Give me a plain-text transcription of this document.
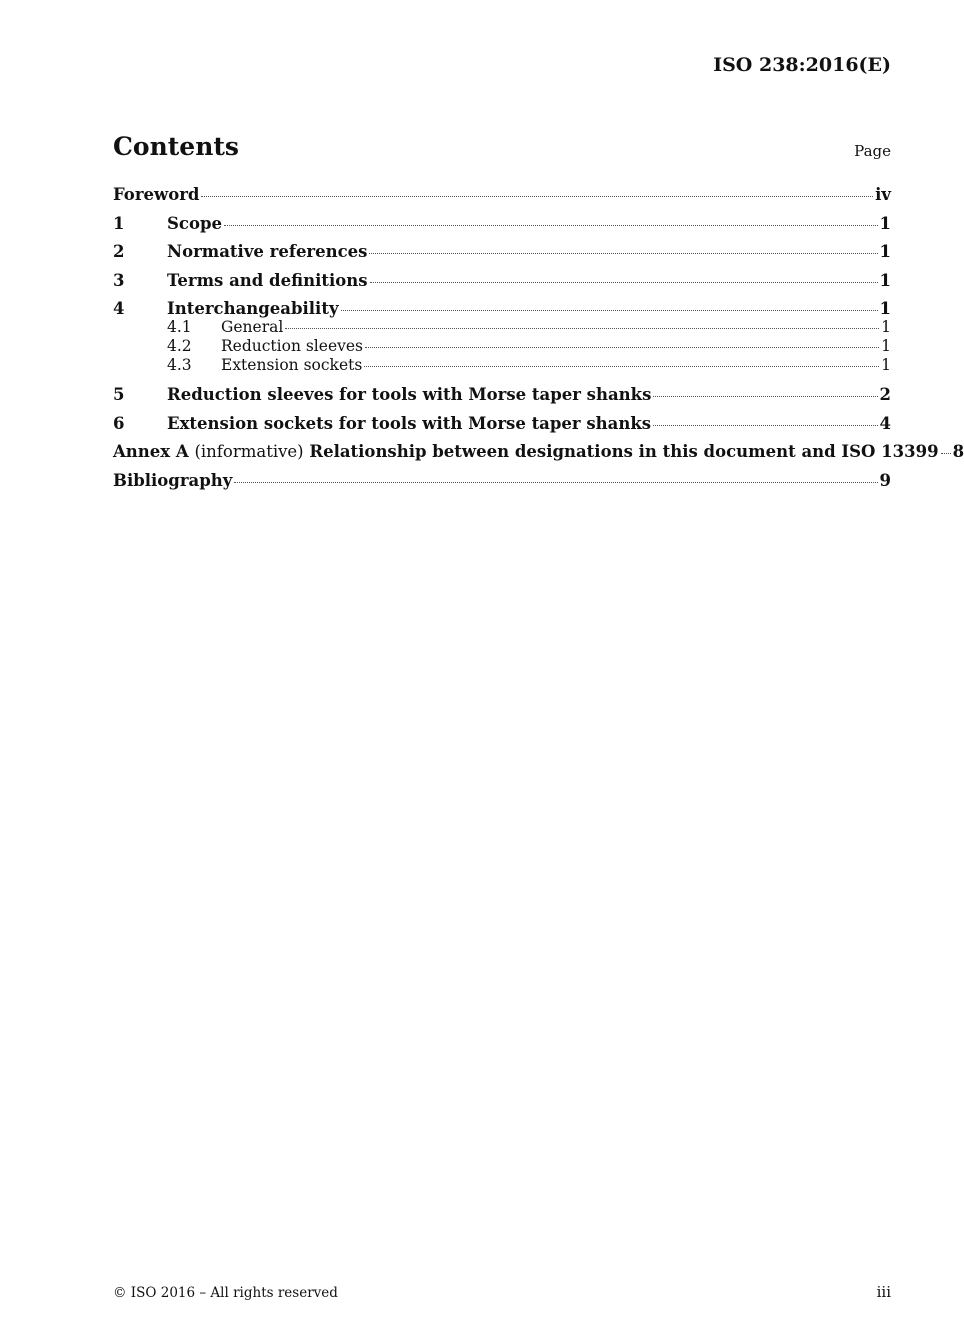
ISO 238:2016(E)
Contents	Page
Foreword	iv
1	Scope	1
2	Normative references	1
3	Terms and definitions	1
4	Interchangeability	1
4.1	General	1
4.2	Reduction sleeves	1
4.3	Extension sockets	1
5	Reduction sleeves for tools with Morse taper shanks	2
6	Extension sockets for tools with Morse taper shanks	4
Annex A (informative) Relationship between designations in this document and ISO 13399 8
Bibliography	9
© ISO 2016 – All rights reserved	iii
